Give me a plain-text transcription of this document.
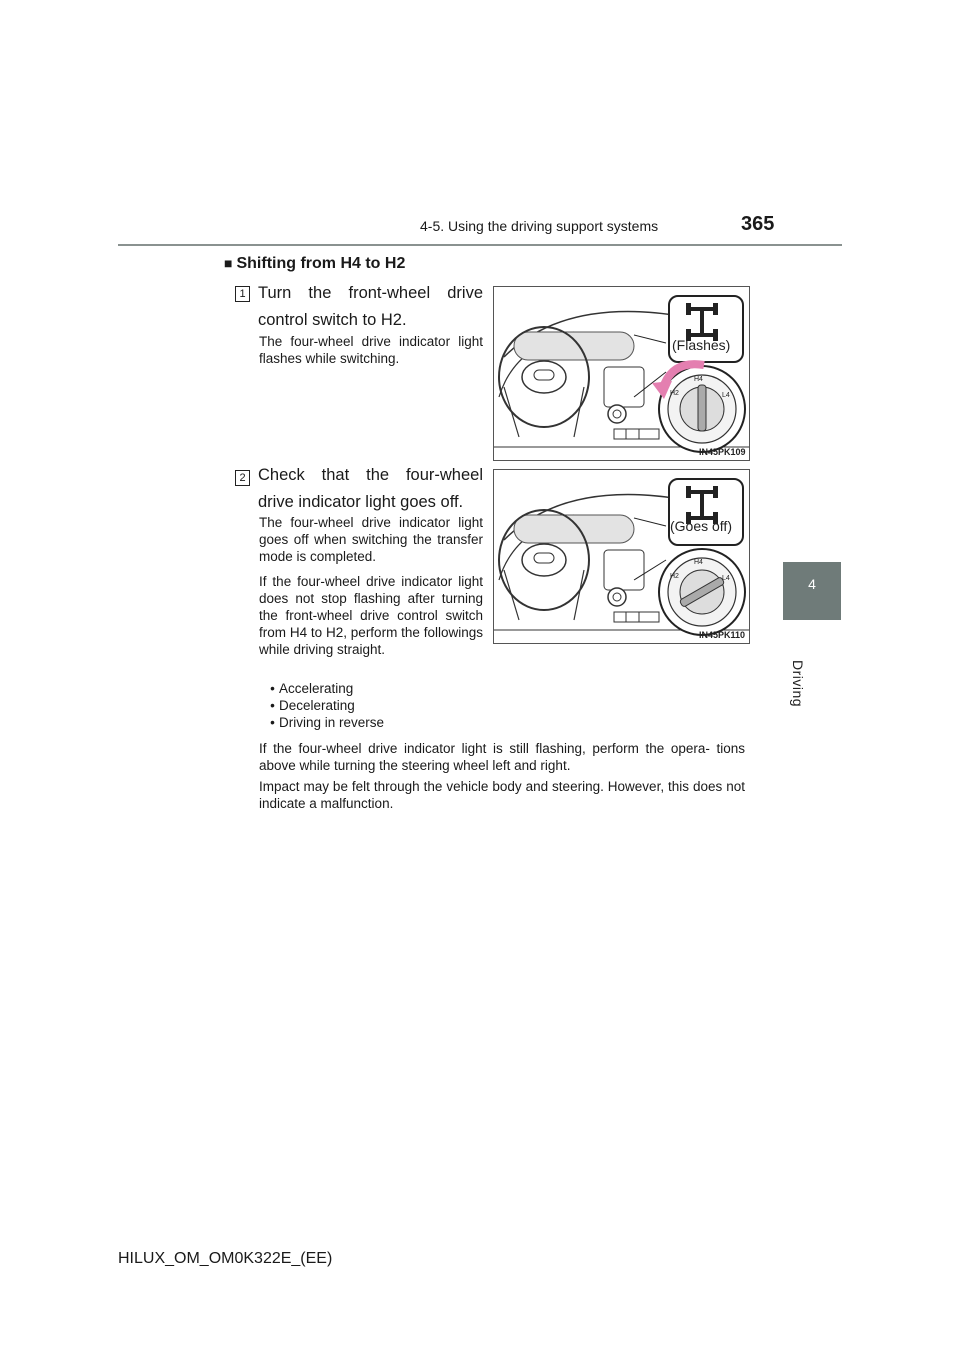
4-5. Using the driving support systems	365
4
Driving
■ Shifting from H4 to H2
1 Turn the front-wheel drive
control switch to H2.
The four-wheel drive indicator light flashes while switching.
(Flashes)
H2
H4
L4
IN45PK109
2 Check that the four-wheel
drive indicator light goes off.
The four-wheel drive indicator light goes off when switching the transfer mode is completed.
If the four-wheel drive indicator light does not stop flashing after turning the front-wheel drive control switch from H4 to H2, perform the followings while driving straight.
• Accelerating
• Decelerating
• Driving in reverse
(Goes off)
H2
H4
L4
IN45PK110
If the four-wheel drive indicator light is still flashing, perform the opera- tions above while turning the steering wheel left and right.
Impact may be felt through the vehicle body and steering. However, this does not indicate a malfunction.
HILUX_OM_OM0K322E_(EE)
